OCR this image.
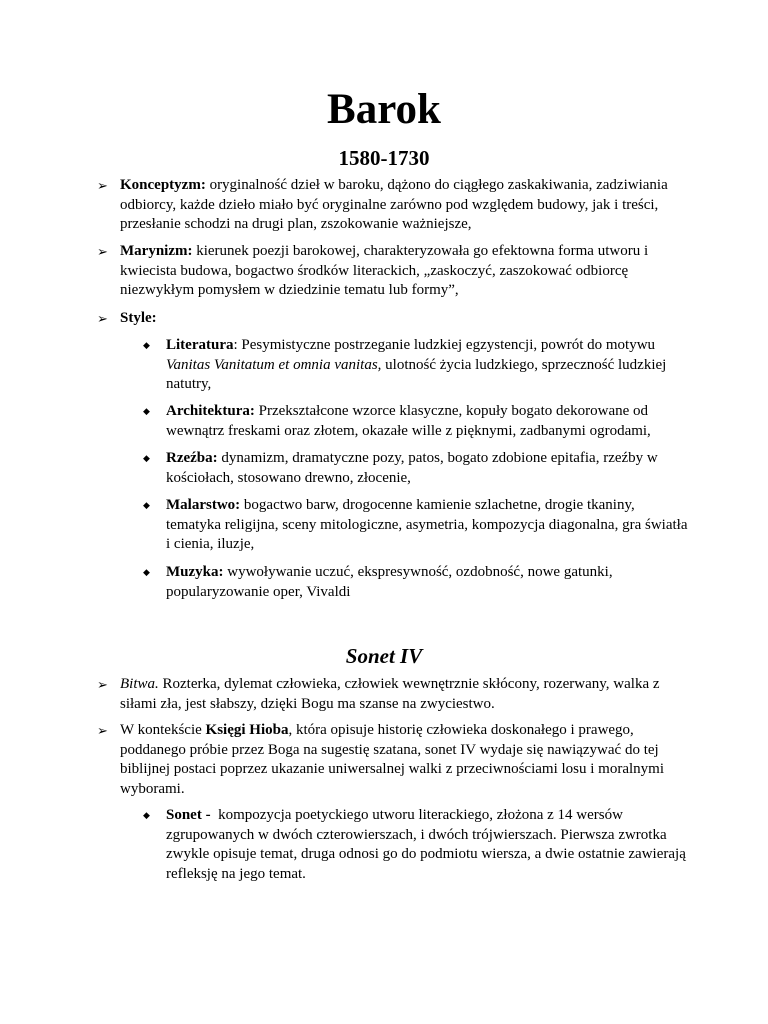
Barok
1580-1730
➢ Konceptyzm: oryginalność dzieł w baroku, dążono do ciągłego zaskakiwania, zadziwiania odbiorcy, każde dzieło miało być oryginalne zarówno pod względem budowy, jak i treści, przesłanie schodzi na drugi plan, zszokowanie ważniejsze,
➢ Marynizm: kierunek poezji barokowej, charakteryzowała go efektowna forma utworu i kwiecista budowa, bogactwo środków literackich, „zaskoczyć, zaszokować odbiorcę niezwykłym pomysłem w dziedzinie tematu lub formy”,
➢ Style:
◆ Literatura: Pesymistyczne postrzeganie ludzkiej egzystencji, powrót do motywu Vanitas Vanitatum et omnia vanitas, ulotność życia ludzkiego, sprzeczność ludzkiej natutry,
◆ Architektura: Przekształcone wzorce klasyczne, kopuły bogato dekorowane od wewnątrz freskami oraz złotem, okazałe wille z pięknymi, zadbanymi ogrodami,
◆ Rzeźba: dynamizm, dramatyczne pozy, patos, bogato zdobione epitafia, rzeźby w kościołach, stosowano drewno, złocenie,
◆ Malarstwo: bogactwo barw, drogocenne kamienie szlachetne, drogie tkaniny, tematyka religijna, sceny mitologiczne, asymetria, kompozycja diagonalna, gra światła i cienia, iluzje,
◆ Muzyka: wywoływanie uczuć, ekspresywność, ozdobność, nowe gatunki, popularyzowanie oper, Vivaldi
Sonet IV
➢ Bitwa. Rozterka, dylemat człowieka, człowiek wewnętrznie skłócony, rozerwany, walka z siłami zła, jest słabszy, dzięki Bogu ma szanse na zwyciestwo.
➢ W kontekście Księgi Hioba, która opisuje historię człowieka doskonałego i prawego, poddanego próbie przez Boga na sugestię szatana, sonet IV wydaje się nawiązywać do tej biblijnej postaci poprzez ukazanie uniwersalnej walki z przeciwnościami losu i moralnymi wyborami.
◆ Sonet -  kompozycja poetyckiego utworu literackiego, złożona z 14 wersów zgrupowanych w dwóch czterowierszach, i dwóch trójwierszach. Pierwsza zwrotka zwykle opisuje temat, druga odnosi go do podmiotu wiersza, a dwie ostatnie zawierają refleksję na jego temat.
